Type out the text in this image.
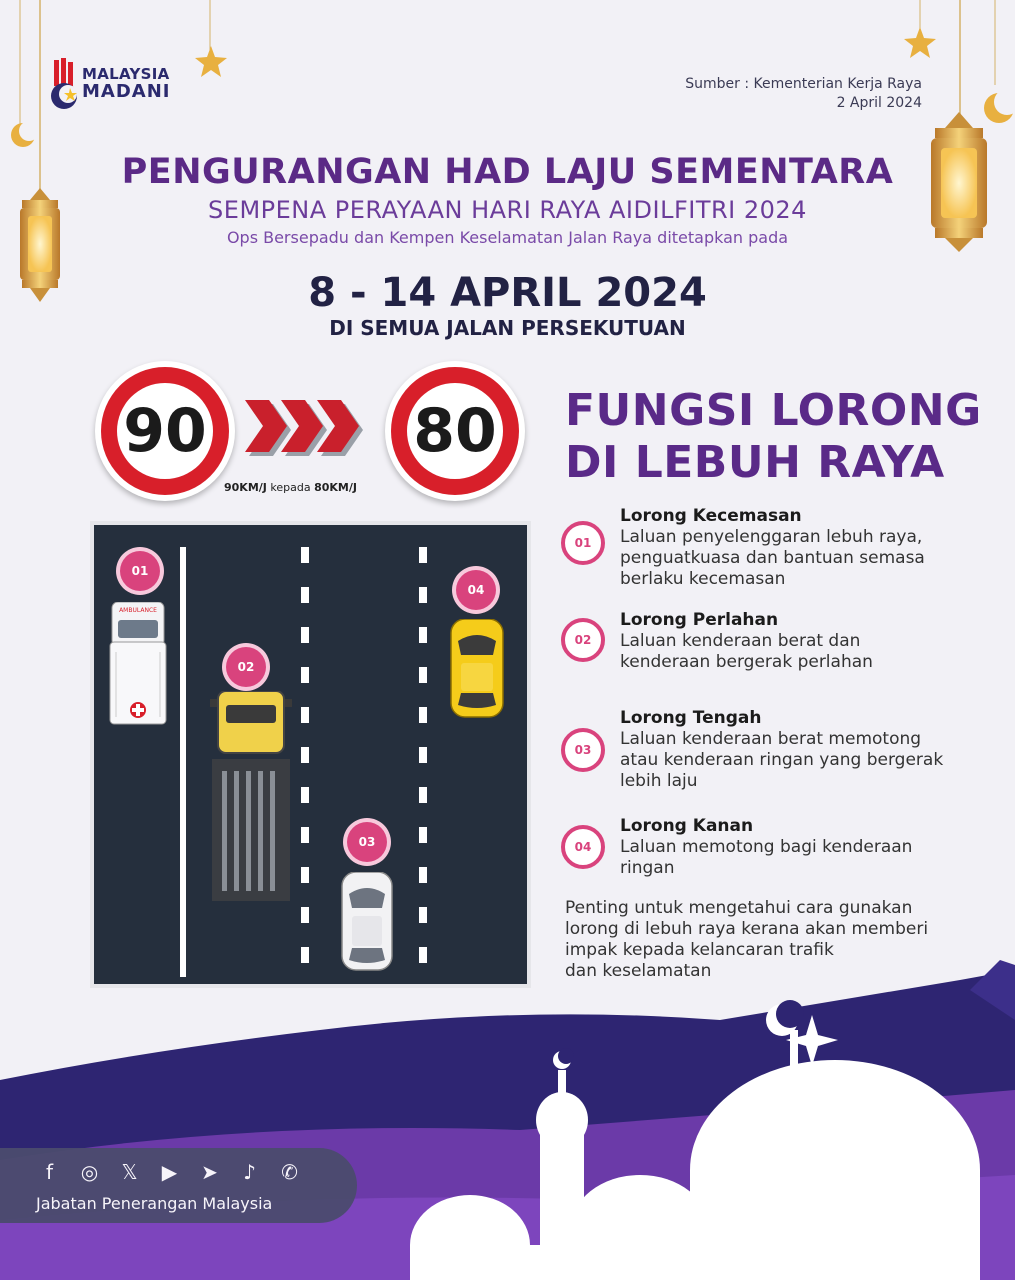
MALAYSIA
MADANI	Sumber : Kementerian Kerja Raya
2 April 2024
PENGURANGAN HAD LAJU SEMENTARA
SEMPENA PERAYAAN HARI RAYA AIDILFITRI 2024
Ops Bersepadu dan Kempen Keselamatan Jalan Raya ditetapkan pada
8 - 14 APRIL 2024
DI SEMUA JALAN PERSEKUTUAN
90	80
90KM/J kepada 80KM/J
FUNGSI LORONG
DI LEBUH RAYA
AMBULANCE
01
02
03
04
01
Lorong Kecemasan
Laluan penyelenggaran lebuh raya,
penguatkuasa dan bantuan semasa
berlaku kecemasan
02
Lorong Perlahan
Laluan kenderaan berat dan
kenderaan bergerak perlahan
03
Lorong Tengah
Laluan kenderaan berat memotong
atau kenderaan ringan yang bergerak
lebih laju
04
Lorong Kanan
Laluan memotong bagi kenderaan
ringan
Penting untuk mengetahui cara gunakan
lorong di lebuh raya kerana akan memberi
impak kepada kelancaran trafik
dan keselamatan
f ◎ 𝕏 ▶ ➤ ♪ ✆
Jabatan Penerangan Malaysia
